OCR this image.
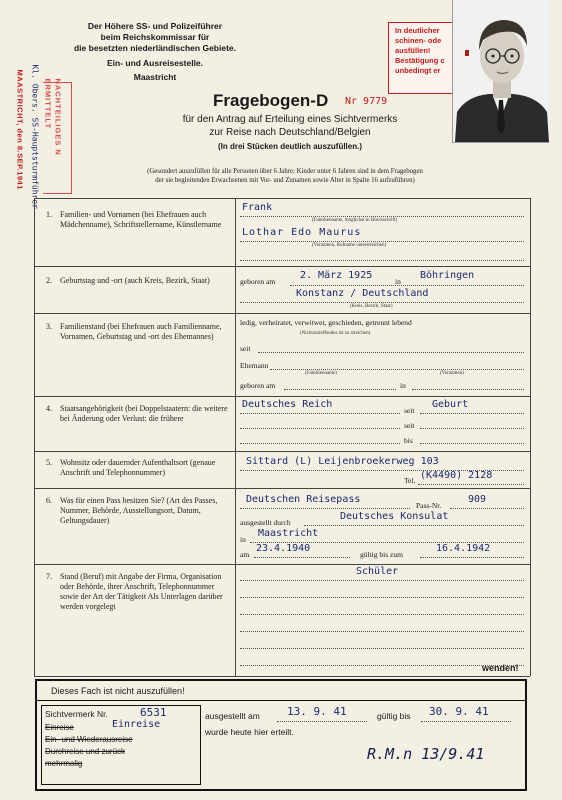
Der Höhere SS- und Polizeiführer
beim Reichskommissar für
die besetzten niederländischen Gebiete.
Ein- und Ausreisestelle.
Maastricht
In deutlicher
schinen- ode
ausfüllen!
Bestätigung c
unbedingt er
Fragebogen-D Nr 9779
für den Antrag auf Erteilung eines Sichtvermerks
zur Reise nach Deutschland/Belgien
(In drei Stücken deutlich auszufüllen.)
(Gesondert auszufüllen für alle Personen über 6 Jahre; Kinder unter 6 Jahren sind in dem Fragebogen
der sie begleitenden Erwachsenen mit Vor- und Zunamen sowie Alter in Spalte 16 aufzuführen)
MAASTRICHT, den 8.SEP.1941 Kl. Obers. SS-Hauptsturmführer NACHTEILIGES N
ERMITTELT
1. Familien- und Vornamen (bei Ehefrauen auch Mädchenname), Schriftstellername, Künstlername
Frank
(Familienname, möglichst in Blockschrift)
Lothar Edo Maurus
(Vornamen, Rufname unterstreichen)
2. Geburtstag und -ort (auch Kreis, Bezirk, Staat)	geboren am
2. März 1925
in
Böhringen
Konstanz / Deutschland
(Kreis, Bezirk, Staat)
3. Familienstand (bei Ehefrauen auch Familienname, Vornamen, Geburtstag und -ort des Ehemannes)
ledig, verheiratet, verwitwet, geschieden, getrennt lebend
(Nichtzutreffendes ist zu streichen)
seit
Ehemann
(Familienname)	(Vornamen)
geboren am	in
4. Staatsangehörigkeit (bei Doppelstaatern: die weitere bei Änderung oder Verlust: die frühere
Deutsches Reich
seit
Geburt
seit
bis
5. Wohnsitz oder dauernder Aufenthaltsort (genaue Anschrift und Telephonnummer)
Sittard (L) Leijenbroekerweg 103
Tel. (K4490) 2128
6. Was für einen Pass besitzen Sie? (Art des Passes, Nummer, Behörde, Ausstellungsort, Datum, Geltungsdauer)
Deutschen Reisepass
Pass-Nr.
909
ausgestellt durch
Deutsches Konsulat
in
Maastricht
am
23.4.1940
gültig bis zum
16.4.1942
7. Stand (Beruf) mit Angabe der Firma, Organisation oder Behörde, ihrer Anschrift, Telephonnummer sowie der Art der Tätigkeit Als Unterlagen darüber werden vorgelegt
Schüler
wenden!
Dieses Fach ist nicht auszufüllen!
Sichtvermerk Nr.	6531
Einreise	Einreise
Ein- und Wiederausreise
Durchreise und zurück
mehrmalig
ausgestellt am 13. 9. 41	gültig bis 30. 9. 41
wurde heute hier erteilt.
R.M.n 13/9.41
